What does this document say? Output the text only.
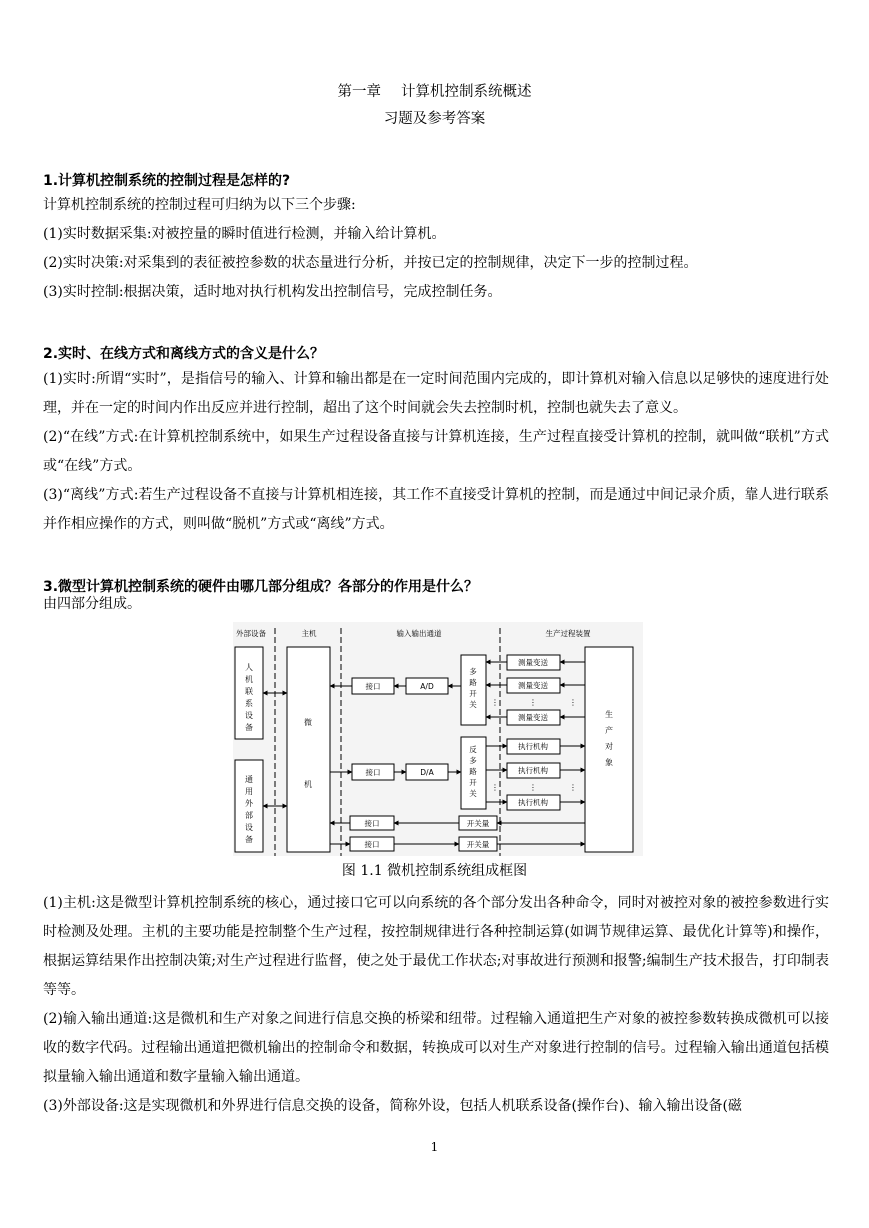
第一章 计算机控制系统概述
习题及参考答案
1.计算机控制系统的控制过程是怎样的?
计算机控制系统的控制过程可归纳为以下三个步骤:
(1)实时数据采集:对被控量的瞬时值进行检测，并输入给计算机。
(2)实时决策:对采集到的表征被控参数的状态量进行分析，并按已定的控制规律，决定下一步的控制过程。
(3)实时控制:根据决策，适时地对执行机构发出控制信号，完成控制任务。
2.实时、在线方式和离线方式的含义是什么？
(1)实时:所谓“实时”，是指信号的输入、计算和输出都是在一定时间范围内完成的，即计算机对输入信息以足够快的速度进行处理，并在一定的时间内作出反应并进行控制，超出了这个时间就会失去控制时机，控制也就失去了意义。
(2)“在线”方式:在计算机控制系统中，如果生产过程设备直接与计算机连接，生产过程直接受计算机的控制，就叫做“联机”方式或“在线”方式。
(3)“离线”方式:若生产过程设备不直接与计算机相连接，其工作不直接受计算机的控制，而是通过中间记录介质，靠人进行联系并作相应操作的方式，则叫做“脱机”方式或“离线”方式。
3.微型计算机控制系统的硬件由哪几部分组成？各部分的作用是什么？
由四部分组成。
外部设备	主机	输入输出通道	生产过程装置
人机联系设备
通用外部设备
微机
多路开关
反多路开关
生产对象
接口	A/D
接口	D/A
接口
接口
开关量
开关量
测量变送
测量变送
测量变送
执行机构
执行机构
执行机构
⋮
⋮	⋮
⋮
⋮	⋮
图 1.1 微机控制系统组成框图
(1)主机:这是微型计算机控制系统的核心，通过接口它可以向系统的各个部分发出各种命令，同时对被控对象的被控参数进行实时检测及处理。主机的主要功能是控制整个生产过程，按控制规律进行各种控制运算(如调节规律运算、最优化计算等)和操作，根据运算结果作出控制决策;对生产过程进行监督，使之处于最优工作状态;对事故进行预测和报警;编制生产技术报告，打印制表等等。
(2)输入输出通道:这是微机和生产对象之间进行信息交换的桥梁和纽带。过程输入通道把生产对象的被控参数转换成微机可以接收的数字代码。过程输出通道把微机输出的控制命令和数据，转换成可以对生产对象进行控制的信号。过程输入输出通道包括模拟量输入输出通道和数字量输入输出通道。
(3)外部设备:这是实现微机和外界进行信息交换的设备，简称外设，包括人机联系设备(操作台)、输入输出设备(磁
1
